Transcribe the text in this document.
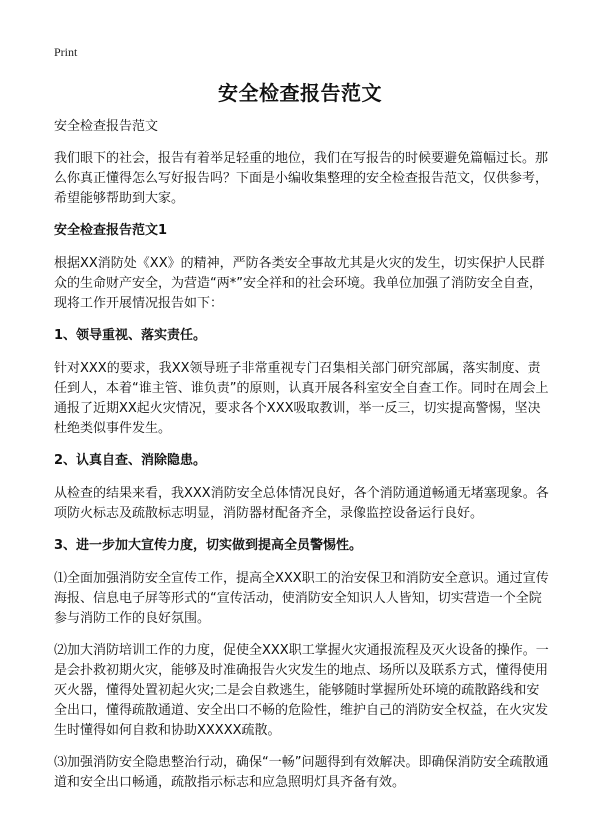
Print
安全检查报告范文
安全检查报告范文

我们眼下的社会，报告有着举足轻重的地位，我们在写报告的时候要避免篇幅过长。那么你真正懂得怎么写好报告吗？下面是小编收集整理的安全检查报告范文，仅供参考，希望能够帮助到大家。

安全检查报告范文1

根据XX消防处《XX》的精神，严防各类安全事故尤其是火灾的发生，切实保护人民群众的生命财产安全，为营造“两*”安全祥和的社会环境。我单位加强了消防安全自查，现将工作开展情况报告如下：

1、领导重视、落实责任。

针对XXX的要求，我XX领导班子非常重视专门召集相关部门研究部属，落实制度、责任到人，本着“谁主管、谁负责”的原则，认真开展各科室安全自查工作。同时在周会上通报了近期XX起火灾情况，要求各个XXX吸取教训，举一反三，切实提高警惕，坚决杜绝类似事件发生。

2、认真自查、消除隐患。

从检查的结果来看，我XXX消防安全总体情况良好，各个消防通道畅通无堵塞现象。各项防火标志及疏散标志明显，消防器材配备齐全，录像监控设备运行良好。

3、进一步加大宣传力度，切实做到提高全员警惕性。

⑴全面加强消防安全宣传工作，提高全XXX职工的治安保卫和消防安全意识。通过宣传海报、信息电子屏等形式的“宣传活动，使消防安全知识人人皆知，切实营造一个全院参与消防工作的良好氛围。

⑵加大消防培训工作的力度，促使全XXX职工掌握火灾通报流程及灭火设备的操作。一是会扑救初期火灾，能够及时准确报告火灾发生的地点、场所以及联系方式，懂得使用灭火器，懂得处置初起火灾;二是会自救逃生，能够随时掌握所处环境的疏散路线和安全出口，懂得疏散通道、安全出口不畅的危险性，维护自己的消防安全权益，在火灾发生时懂得如何自救和协助XXXXX疏散。

⑶加强消防安全隐患整治行动，确保“一畅”问题得到有效解决。即确保消防安全疏散通道和安全出口畅通，疏散指示标志和应急照明灯具齐备有效。
